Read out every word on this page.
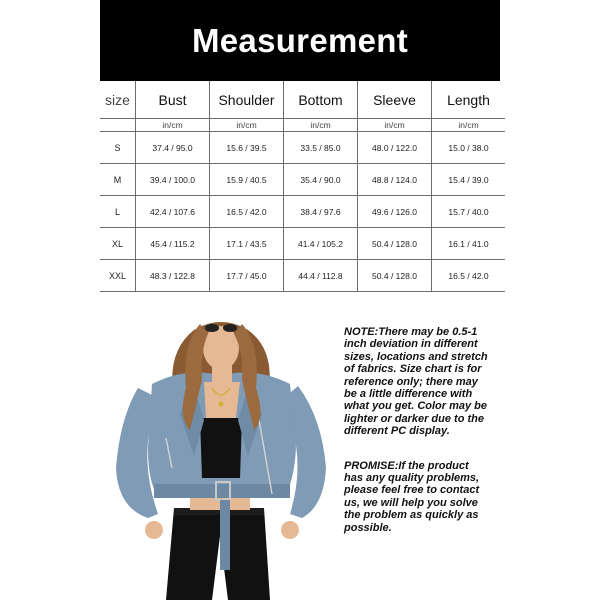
Measurement
size	Bust	Shoulder	Bottom	Sleeve	Length
	in/cm	in/cm	in/cm	in/cm	in/cm
S	37.4 / 95.0	15.6 / 39.5	33.5 / 85.0	48.0 / 122.0	15.0 / 38.0
M	39.4 / 100.0	15.9 / 40.5	35.4 / 90.0	48.8 / 124.0	15.4 / 39.0
L	42.4 / 107.6	16.5 / 42.0	38.4 / 97.6	49.6 / 126.0	15.7 / 40.0
XL	45.4 / 115.2	17.1 / 43.5	41.4 / 105.2	50.4 / 128.0	16.1 / 41.0
XXL	48.3 / 122.8	17.7 / 45.0	44.4 / 112.8	50.4 / 128.0	16.5 / 42.0

NOTE:There may be 0.5-1 inch deviation in different sizes, locations and stretch of fabrics. Size chart is for reference only; there may be a little difference with what you get. Color may be lighter or darker due to the different PC display.

PROMISE:If the product has any quality problems, please feel free to contact us, we will help you solve the problem as quickly as possible.
